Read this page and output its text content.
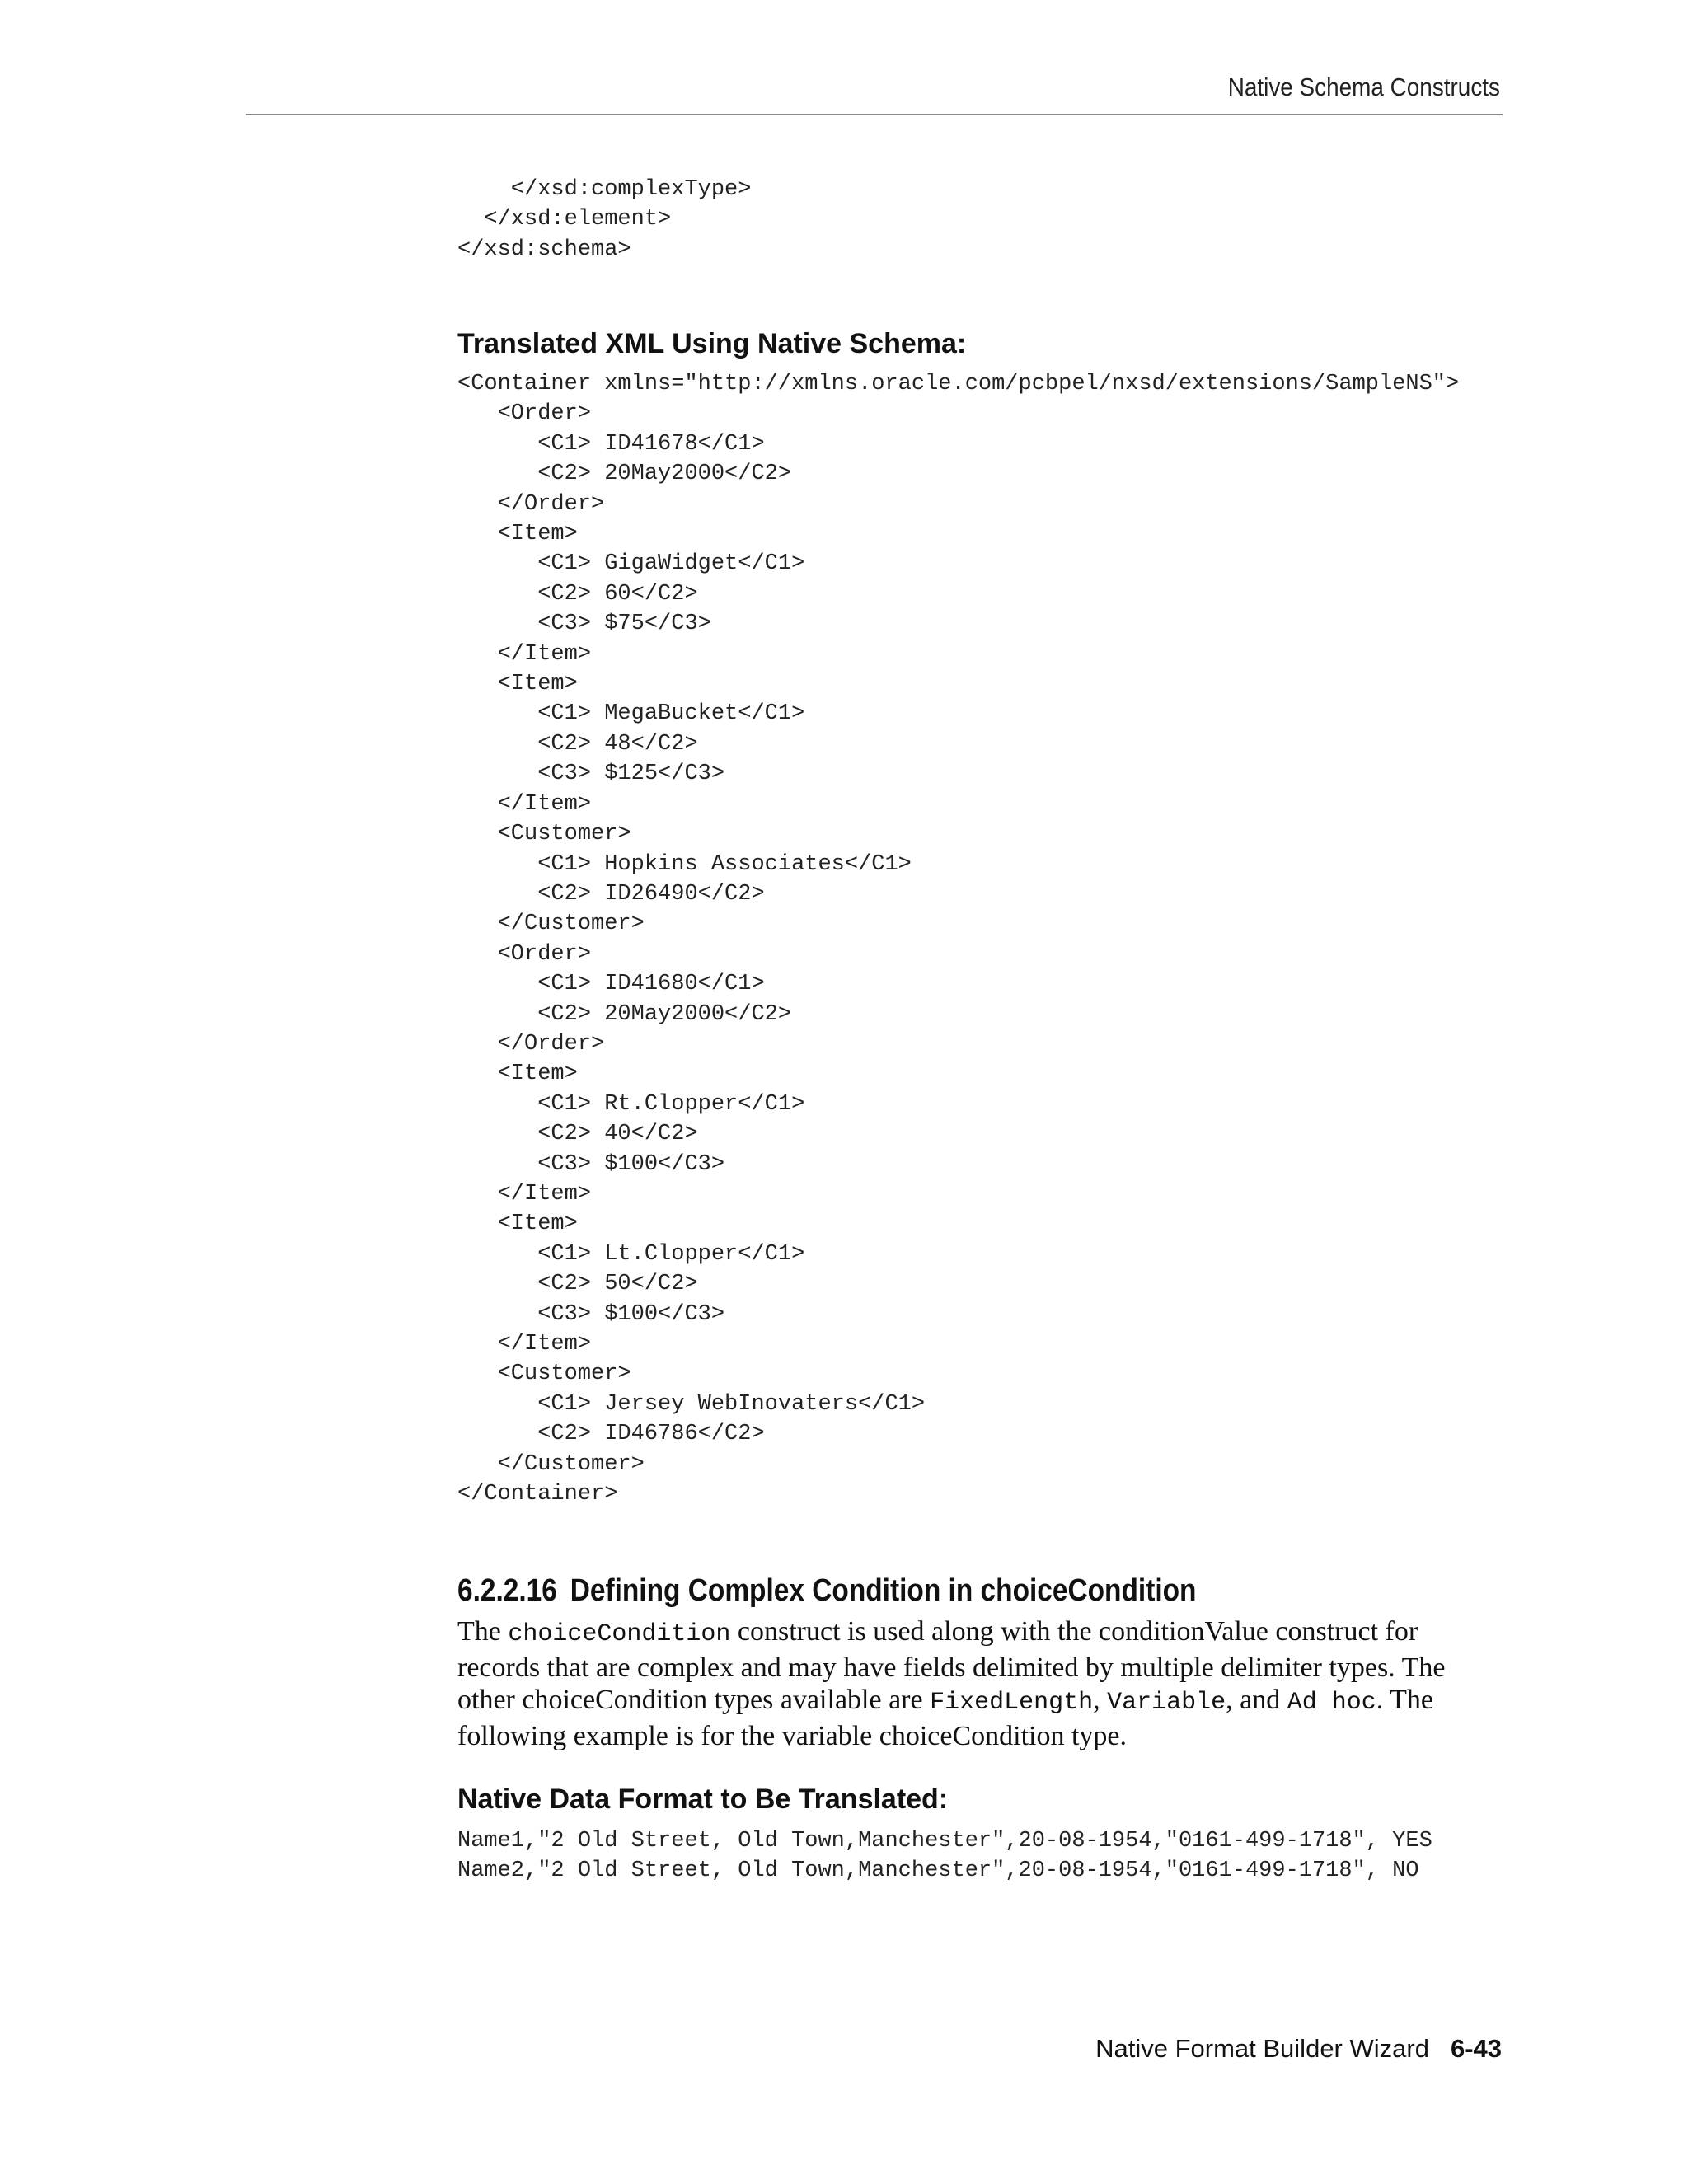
Native Schema Constructs
</xsd:complexType>
</xsd:element>
</xsd:schema>
Translated XML Using Native Schema:
<Container xmlns="http://xmlns.oracle.com/pcbpel/nxsd/extensions/SampleNS">
<Order>
<C1> ID41678</C1>
<C2> 20May2000</C2>
</Order>
<Item>
<C1> GigaWidget</C1>
<C2> 60</C2>
<C3> $75</C3>
</Item>
<Item>
<C1> MegaBucket</C1>
<C2> 48</C2>
<C3> $125</C3>
</Item>
<Customer>
<C1> Hopkins Associates</C1>
<C2> ID26490</C2>
</Customer>
<Order>
<C1> ID41680</C1>
<C2> 20May2000</C2>
</Order>
<Item>
<C1> Rt.Clopper</C1>
<C2> 40</C2>
<C3> $100</C3>
</Item>
<Item>
<C1> Lt.Clopper</C1>
<C2> 50</C2>
<C3> $100</C3>
</Item>
<Customer>
<C1> Jersey WebInovaters</C1>
<C2> ID46786</C2>
</Customer>
</Container>
6.2.2.16 Defining Complex Condition in choiceCondition

The choiceCondition construct is used along with the conditionValue construct for records that are complex and may have fields delimited by multiple delimiter types. The other choiceCondition types available are FixedLength, Variable, and Ad hoc. The following example is for the variable choiceCondition type.

Native Data Format to Be Translated:
Name1,"2 Old Street, Old Town,Manchester",20-08-1954,"0161-499-1718", YES
Name2,"2 Old Street, Old Town,Manchester",20-08-1954,"0161-499-1718", NO
Native Format Builder Wizard 6-43
